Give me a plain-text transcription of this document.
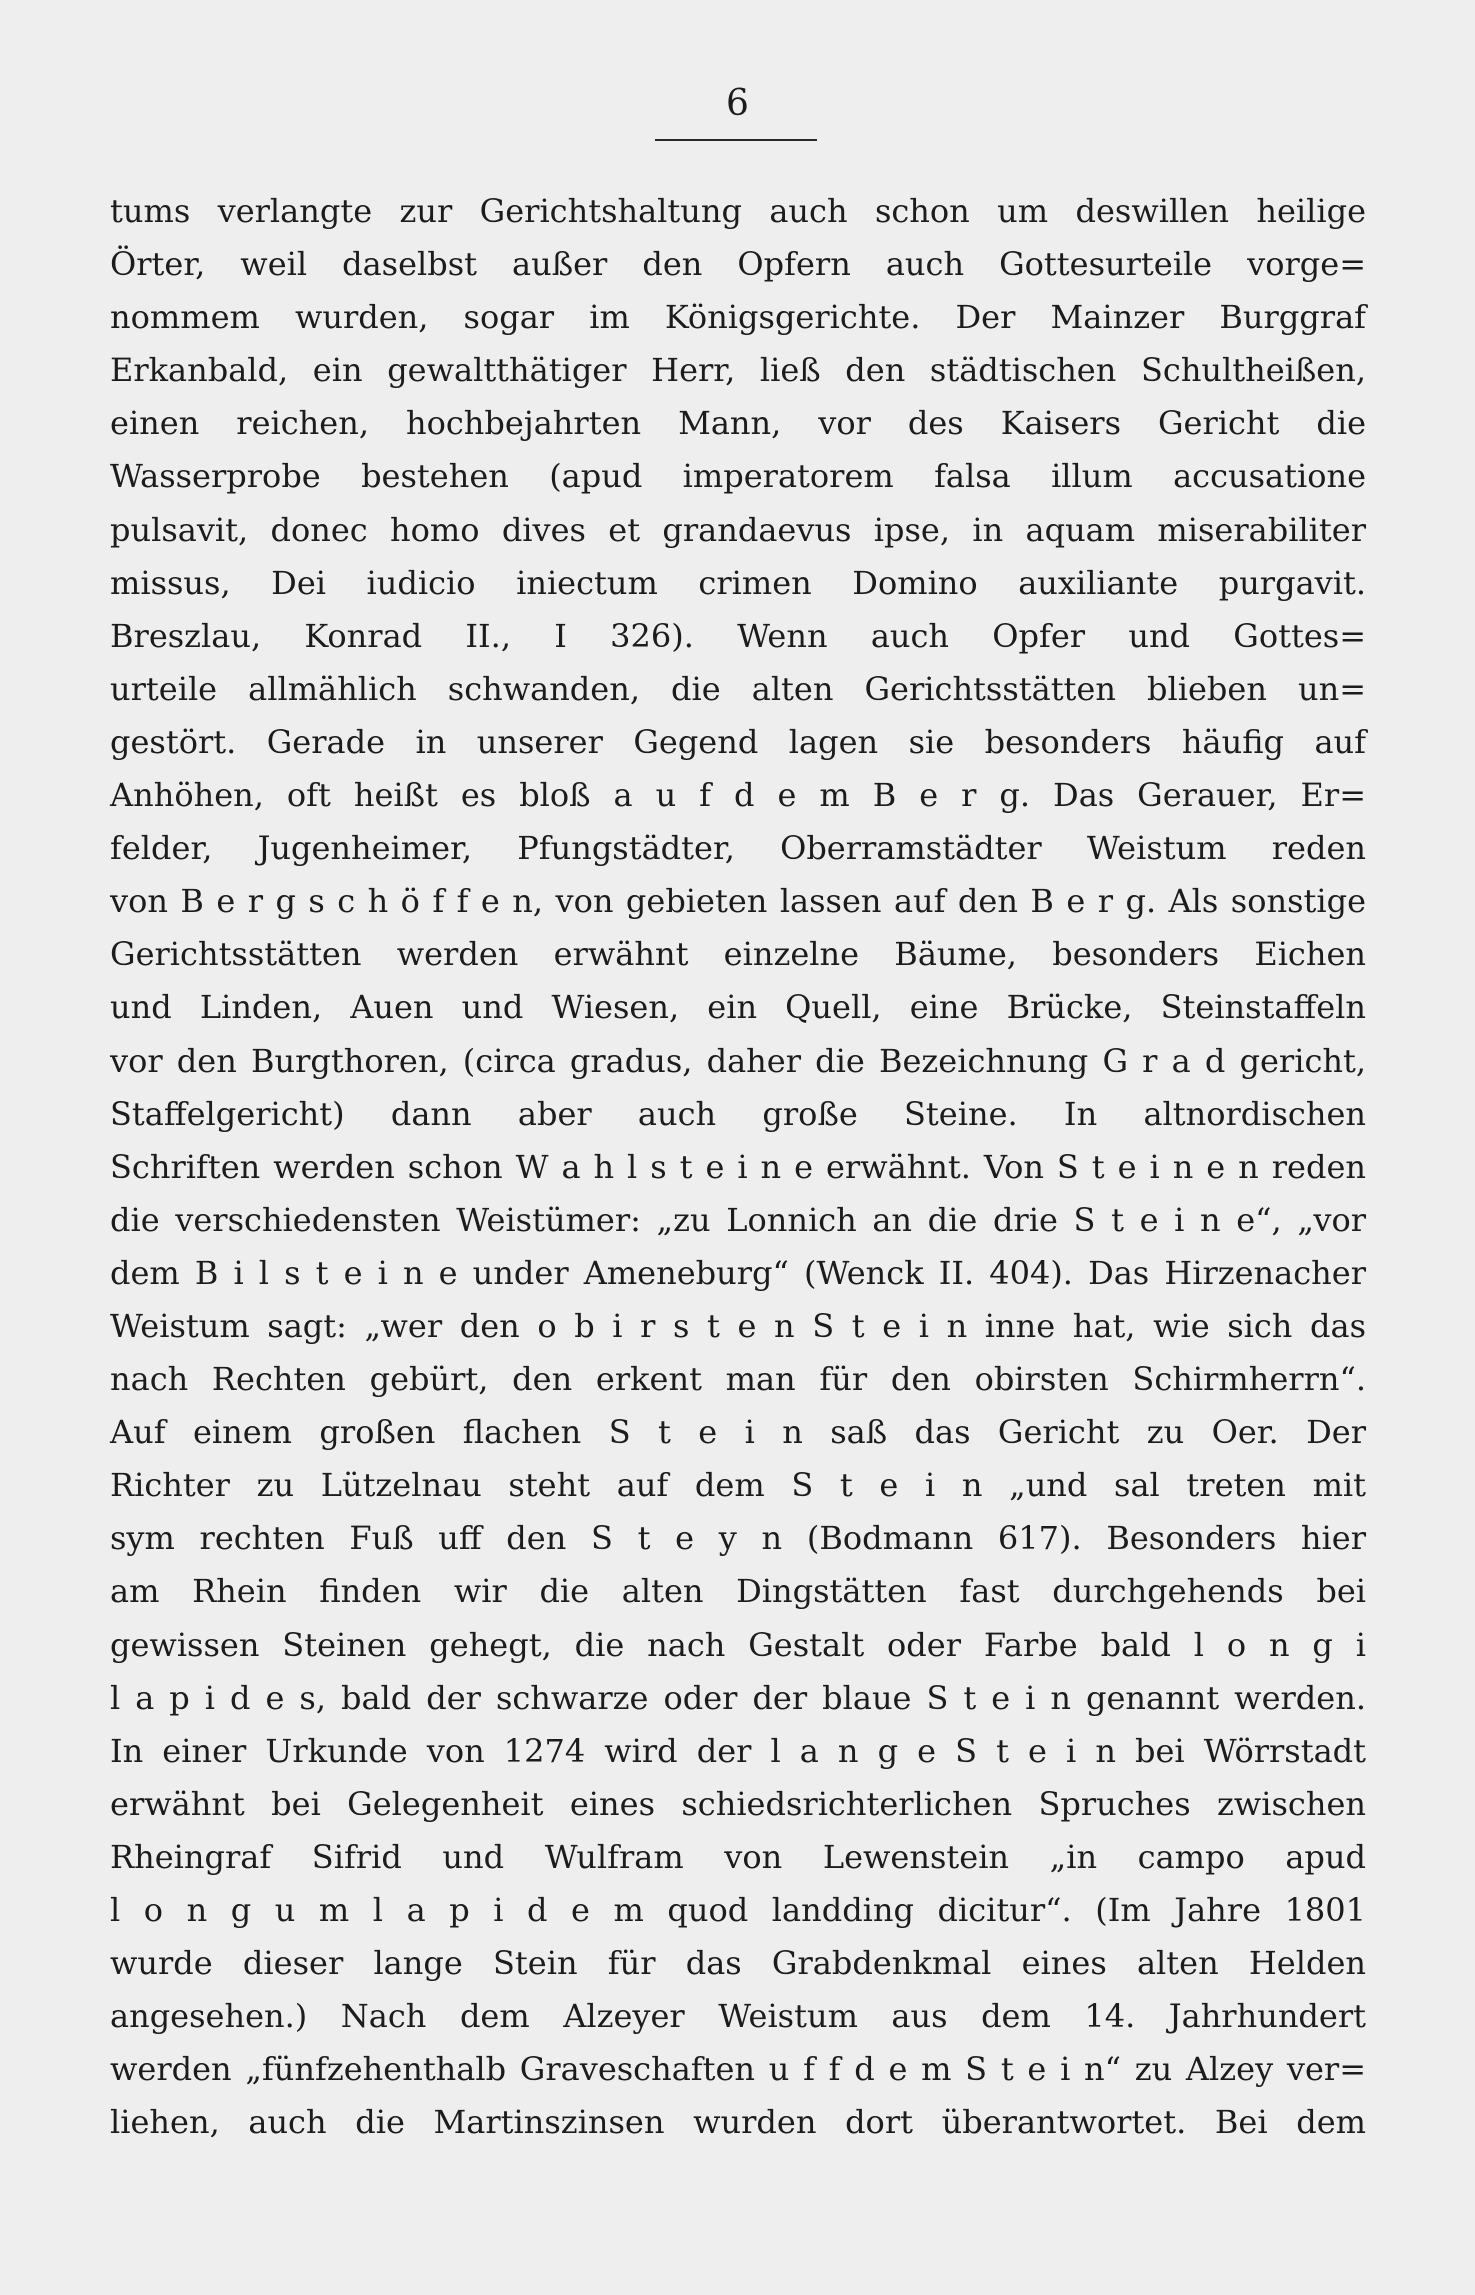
6
tums verlangte zur Gerichtshaltung auch schon um deswillen heilige
Örter, weil daselbst außer den Opfern auch Gottesurteile vorge=
nommem wurden, sogar im Königsgerichte. Der Mainzer Burggraf
Erkanbald, ein gewaltthätiger Herr, ließ den städtischen Schultheißen,
einen reichen, hochbejahrten Mann, vor des Kaisers Gericht die
Wasserprobe bestehen (apud imperatorem falsa illum accusatione
pulsavit, donec homo dives et grandaevus ipse, in aquam miserabiliter
missus, Dei iudicio iniectum crimen Domino auxiliante purgavit.
Breszlau, Konrad II., I 326). Wenn auch Opfer und Gottes=
urteile allmählich schwanden, die alten Gerichtsstätten blieben un=
gestört. Gerade in unserer Gegend lagen sie besonders häufig auf
Anhöhen, oft heißt es bloß a u f d e m B e r g. Das Gerauer, Er=
felder, Jugenheimer, Pfungstädter, Oberramstädter Weistum reden
von B e r g s c h ö f f e n, von gebieten lassen auf den B e r g. Als sonstige
Gerichtsstätten werden erwähnt einzelne Bäume, besonders Eichen
und Linden, Auen und Wiesen, ein Quell, eine Brücke, Steinstaffeln
vor den Burgthoren, (circa gradus, daher die Bezeichnung G r a d gericht,
Staffelgericht) dann aber auch große Steine. In altnordischen
Schriften werden schon W a h l s t e i n e erwähnt. Von S t e i n e n reden
die verschiedensten Weistümer: „zu Lonnich an die drie S t e i n e“, „vor
dem B i l s t e i n e under Ameneburg“ (Wenck II. 404). Das Hirzenacher
Weistum sagt: „wer den o b i r s t e n S t e i n inne hat, wie sich das
nach Rechten gebürt, den erkent man für den obirsten Schirmherrn“.
Auf einem großen flachen S t e i n saß das Gericht zu Oer. Der
Richter zu Lützelnau steht auf dem S t e i n „und sal treten mit
sym rechten Fuß uff den S t e y n (Bodmann 617). Besonders hier
am Rhein finden wir die alten Dingstätten fast durchgehends bei
gewissen Steinen gehegt, die nach Gestalt oder Farbe bald l o n g i
l a p i d e s, bald der schwarze oder der blaue S t e i n genannt werden.
In einer Urkunde von 1274 wird der l a n g e S t e i n bei Wörrstadt
erwähnt bei Gelegenheit eines schiedsrichterlichen Spruches zwischen
Rheingraf Sifrid und Wulfram von Lewenstein „in campo apud
l o n g u m l a p i d e m quod landding dicitur“. (Im Jahre 1801
wurde dieser lange Stein für das Grabdenkmal eines alten Helden
angesehen.) Nach dem Alzeyer Weistum aus dem 14. Jahrhundert
werden „fünfzehenthalb Graveschaften u f f d e m S t e i n“ zu Alzey ver=
liehen, auch die Martinszinsen wurden dort überantwortet. Bei dem
